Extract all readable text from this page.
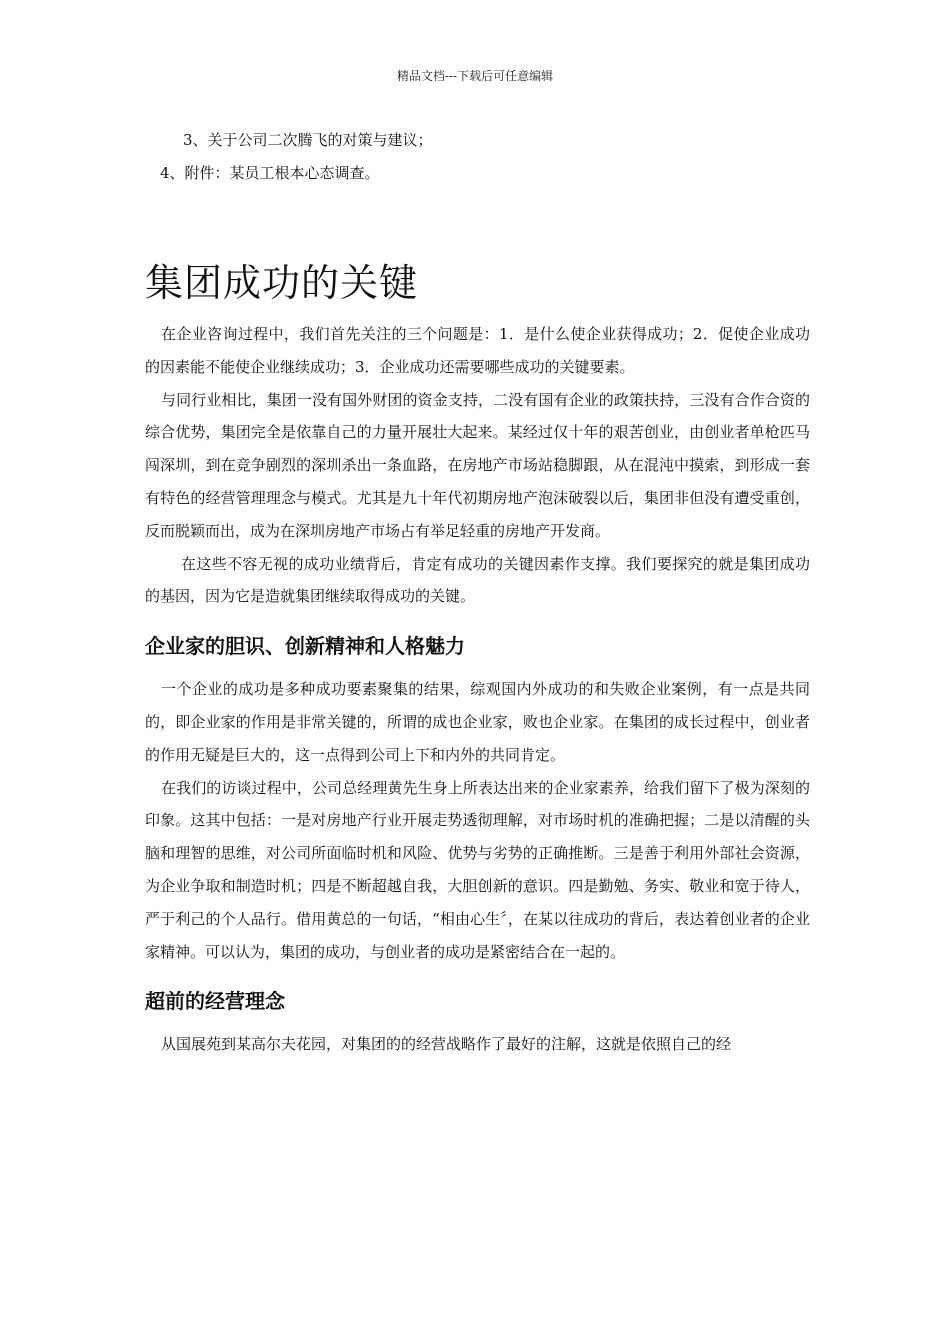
精品文档---下载后可任意编辑

3、关于公司二次腾飞的对策与建议；

4、附件：某员工根本心态调查。

集团成功的关键

在企业咨询过程中，我们首先关注的三个问题是：1．是什么使企业获得成功；2．促使企业成功的因素能不能使企业继续成功；3．企业成功还需要哪些成功的关键要素。

与同行业相比，集团一没有国外财团的资金支持，二没有国有企业的政策扶持，三没有合作合资的综合优势，集团完全是依靠自己的力量开展壮大起来。某经过仅十年的艰苦创业，由创业者单枪匹马闯深圳，到在竞争剧烈的深圳杀出一条血路，在房地产市场站稳脚跟，从在混沌中摸索，到形成一套有特色的经营管理理念与模式。尤其是九十年代初期房地产泡沫破裂以后，集团非但没有遭受重创，反而脱颖而出，成为在深圳房地产市场占有举足轻重的房地产开发商。

在这些不容无视的成功业绩背后，肯定有成功的关键因素作支撑。我们要探究的就是集团成功的基因，因为它是造就集团继续取得成功的关键。

企业家的胆识、创新精神和人格魅力

一个企业的成功是多种成功要素聚集的结果，综观国内外成功的和失败企业案例，有一点是共同的，即企业家的作用是非常关键的，所谓的成也企业家，败也企业家。在集团的成长过程中，创业者的作用无疑是巨大的，这一点得到公司上下和内外的共同肯定。

在我们的访谈过程中，公司总经理黄先生身上所表达出来的企业家素养，给我们留下了极为深刻的印象。这其中包括：一是对房地产行业开展走势透彻理解，对市场时机的准确把握；二是以清醒的头脑和理智的思维，对公司所面临时机和风险、优势与劣势的正确推断。三是善于利用外部社会资源，为企业争取和制造时机；四是不断超越自我，大胆创新的意识。四是勤勉、务实、敬业和宽于待人，严于利己的个人品行。借用黄总的一句话，“相由心生〞，在某以往成功的背后，表达着创业者的企业家精神。可以认为，集团的成功，与创业者的成功是紧密结合在一起的。

超前的经营理念

从国展苑到某高尔夫花园，对集团的的经营战略作了最好的注解，这就是依照自己的经
